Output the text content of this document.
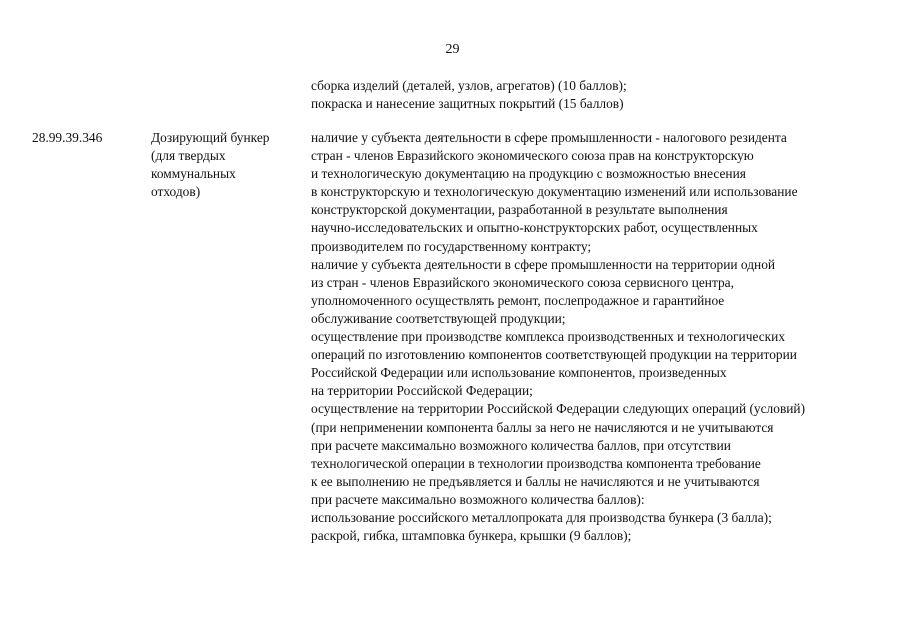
29
сборка изделий (деталей, узлов, агрегатов) (10 баллов);
покраска и нанесение защитных покрытий (15 баллов)
28.99.39.346	Дозирующий бункер
(для твердых
коммунальных
отходов)
наличие у субъекта деятельности в сфере промышленности - налогового резидента
стран - членов Евразийского экономического союза прав на конструкторскую
и технологическую документацию на продукцию с возможностью внесения
в конструкторскую и технологическую документацию изменений или использование
конструкторской документации, разработанной в результате выполнения
научно-исследовательских и опытно-конструкторских работ, осуществленных
производителем по государственному контракту;
наличие у субъекта деятельности в сфере промышленности на территории одной
из стран - членов Евразийского экономического союза сервисного центра,
уполномоченного осуществлять ремонт, послепродажное и гарантийное
обслуживание соответствующей продукции;
осуществление при производстве комплекса производственных и технологических
операций по изготовлению компонентов соответствующей продукции на территории
Российской Федерации или использование компонентов, произведенных
на территории Российской Федерации;
осуществление на территории Российской Федерации следующих операций (условий)
(при неприменении компонента баллы за него не начисляются и не учитываются
при расчете максимально возможного количества баллов, при отсутствии
технологической операции в технологии производства компонента требование
к ее выполнению не предъявляется и баллы не начисляются и не учитываются
при расчете максимально возможного количества баллов):
использование российского металлопроката для производства бункера (3 балла);
раскрой, гибка, штамповка бункера, крышки (9 баллов);
